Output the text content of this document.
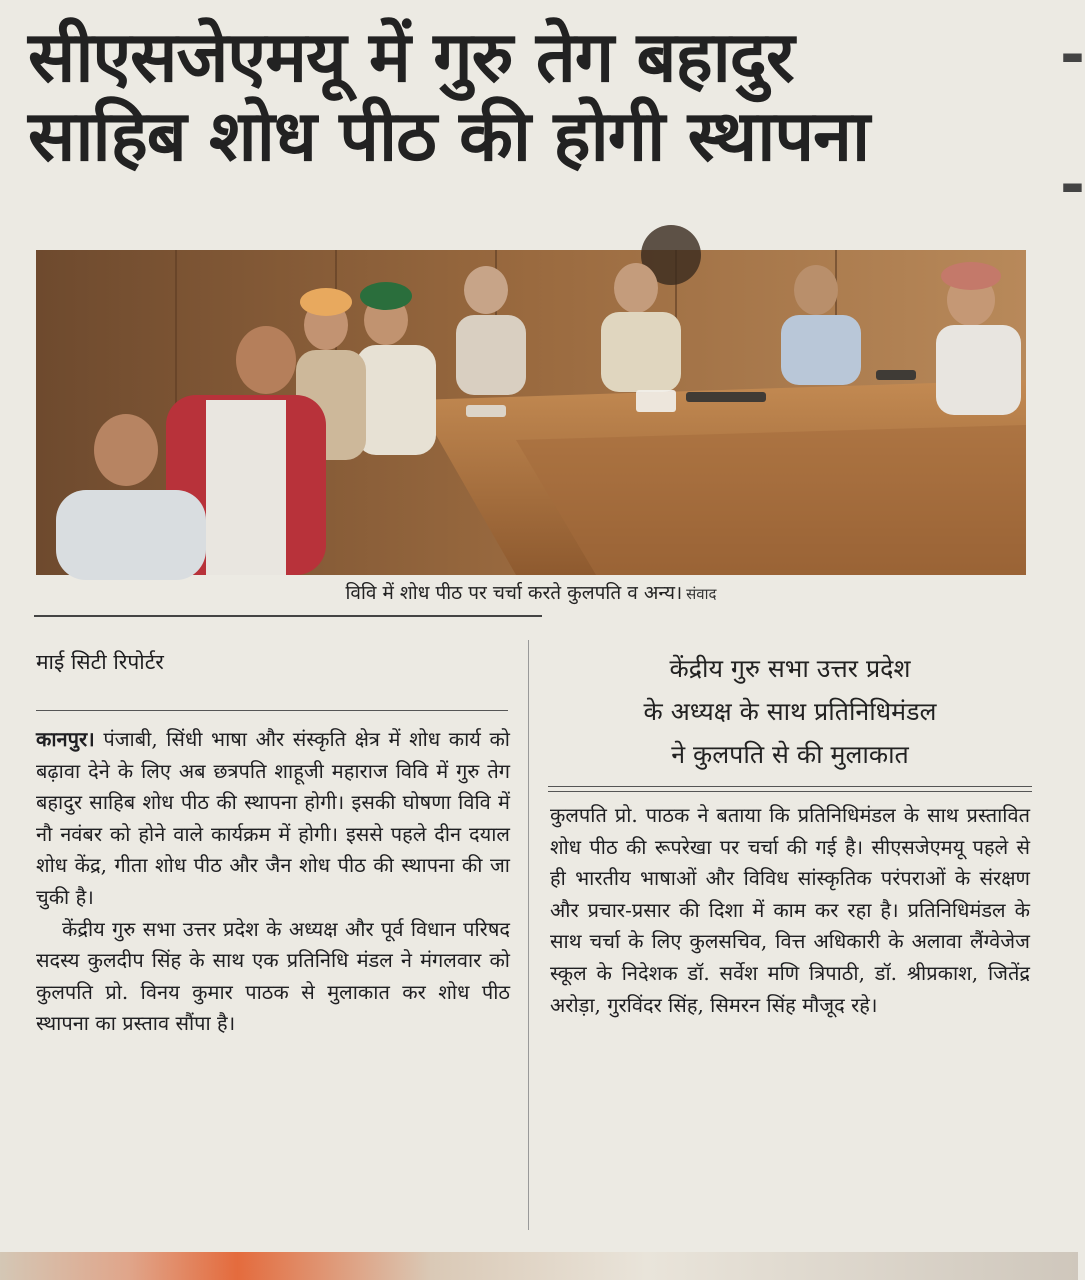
सीएसजेएमयू में गुरु तेग बहादुर
साहिब शोध पीठ की होगी स्थापना
-
-
विवि में शोध पीठ पर चर्चा करते कुलपति व अन्य। संवाद
माई सिटी रिपोर्टर

कानपुर। पंजाबी, सिंधी भाषा और संस्कृति क्षेत्र में शोध कार्य को बढ़ावा देने के लिए अब छत्रपति शाहूजी महाराज विवि में गुरु तेग बहादुर साहिब शोध पीठ की स्थापना होगी। इसकी घोषणा विवि में नौ नवंबर को होने वाले कार्यक्रम में होगी। इससे पहले दीन दयाल शोध केंद्र, गीता शोध पीठ और जैन शोध पीठ की स्थापना की जा चुकी है।

केंद्रीय गुरु सभा उत्तर प्रदेश के अध्यक्ष और पूर्व विधान परिषद सदस्य कुलदीप सिंह के साथ एक प्रतिनिधि मंडल ने मंगलवार को कुलपति प्रो. विनय कुमार पाठक से मुलाकात कर शोध पीठ स्थापना का प्रस्ताव सौंपा है।

केंद्रीय गुरु सभा उत्तर प्रदेश
के अध्यक्ष के साथ प्रतिनिधिमंडल
ने कुलपति से की मुलाकात

कुलपति प्रो. पाठक ने बताया कि प्रतिनिधिमंडल के साथ प्रस्तावित शोध पीठ की रूपरेखा पर चर्चा की गई है। सीएसजेएमयू पहले से ही भारतीय भाषाओं और विविध सांस्कृतिक परंपराओं के संरक्षण और प्रचार-प्रसार की दिशा में काम कर रहा है। प्रतिनिधिमंडल के साथ चर्चा के लिए कुलसचिव, वित्त अधिकारी के अलावा लैंग्वेजेज स्कूल के निदेशक डॉ. सर्वेश मणि त्रिपाठी, डॉ. श्रीप्रकाश, जितेंद्र अरोड़ा, गुरविंदर सिंह, सिमरन सिंह मौजूद रहे।
